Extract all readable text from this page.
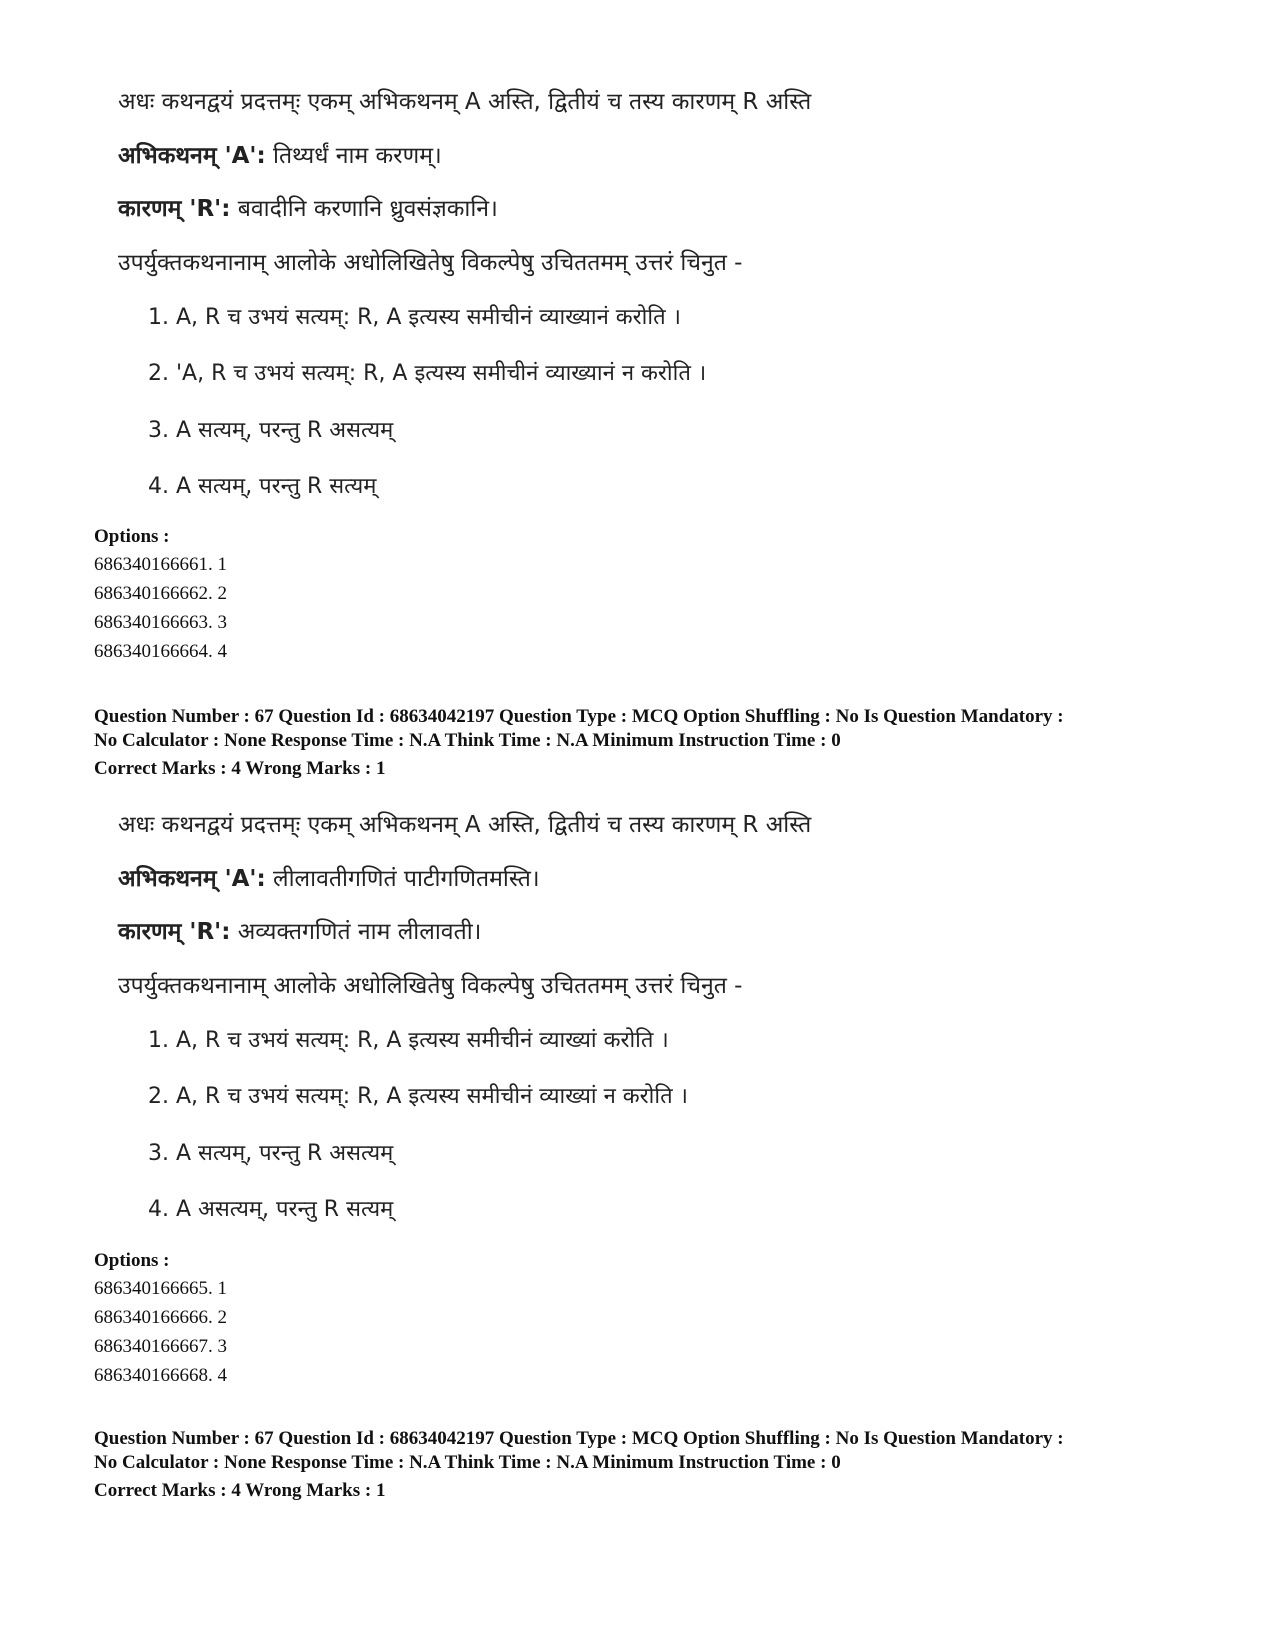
अधः कथनद्वयं प्रदत्तम्ः एकम् अभिकथनम् A अस्ति, द्वितीयं च तस्य कारणम् R अस्ति
अभिकथनम् 'A': तिथ्यर्धं नाम करणम्।
कारणम् 'R': बवादीनि करणानि ध्रुवसंज्ञकानि।
उपर्युक्तकथनानाम् आलोके अधोलिखितेषु विकल्पेषु उचिततमम् उत्तरं चिनुत -
1. A, R च उभयं सत्यम्: R, A इत्यस्य समीचीनं व्याख्यानं करोति ।
2. 'A, R च उभयं सत्यम्: R, A इत्यस्य समीचीनं व्याख्यानं न करोति ।
3. A सत्यम्, परन्तु R असत्यम्
4. A सत्यम्, परन्तु R सत्यम्
Options :
686340166661. 1
686340166662. 2
686340166663. 3
686340166664. 4
Question Number : 67 Question Id : 68634042197 Question Type : MCQ Option Shuffling : No Is Question Mandatory :
No Calculator : None Response Time : N.A Think Time : N.A Minimum Instruction Time : 0
Correct Marks : 4 Wrong Marks : 1
अधः कथनद्वयं प्रदत्तम्ः एकम् अभिकथनम् A अस्ति, द्वितीयं च तस्य कारणम् R अस्ति
अभिकथनम् 'A': लीलावतीगणितं पाटीगणितमस्ति।
कारणम् 'R': अव्यक्तगणितं नाम लीलावती।
उपर्युक्तकथनानाम् आलोके अधोलिखितेषु विकल्पेषु उचिततमम् उत्तरं चिनुत -
1. A, R च उभयं सत्यम्: R, A इत्यस्य समीचीनं व्याख्यां करोति ।
2. A, R च उभयं सत्यम्: R, A इत्यस्य समीचीनं व्याख्यां न करोति ।
3. A सत्यम्, परन्तु R असत्यम्
4. A असत्यम्, परन्तु R सत्यम्
Options :
686340166665. 1
686340166666. 2
686340166667. 3
686340166668. 4
Question Number : 67 Question Id : 68634042197 Question Type : MCQ Option Shuffling : No Is Question Mandatory :
No Calculator : None Response Time : N.A Think Time : N.A Minimum Instruction Time : 0
Correct Marks : 4 Wrong Marks : 1
